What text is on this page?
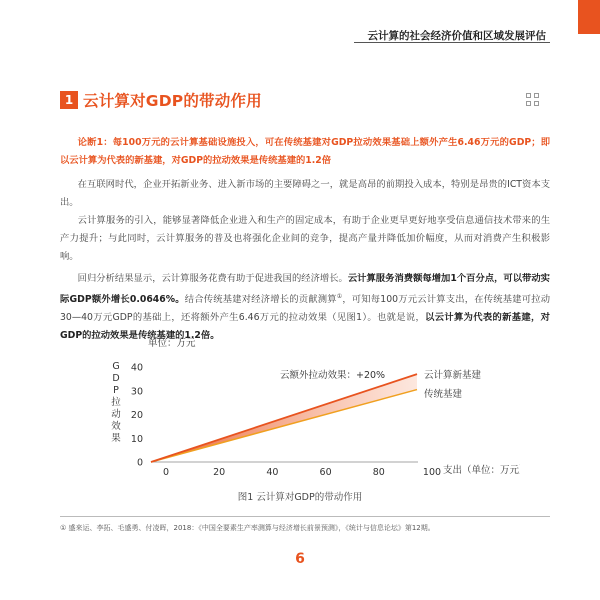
云计算的社会经济价值和区域发展评估
1 云计算对GDP的带动作用

论断1：每100万元的云计算基础设施投入，可在传统基建对GDP拉动效果基础上额外产生6.46万元的GDP；即以云计算为代表的新基建，对GDP的拉动效果是传统基建的1.2倍

在互联网时代，企业开拓新业务、进入新市场的主要障碍之一，就是高昂的前期投入成本，特别是昂贵的ICT资本支出。

云计算服务的引入，能够显著降低企业进入和生产的固定成本，有助于企业更早更好地享受信息通信技术带来的生产力提升；与此同时，云计算服务的普及也将强化企业间的竞争，提高产量并降低加价幅度，从而对消费产生积极影响。

回归分析结果显示，云计算服务花费有助于促进我国的经济增长。云计算服务消费额每增加1个百分点，可以带动实际GDP额外增长0.0646%。结合传统基建对经济增长的贡献测算①，可知每100万元云计算支出，在传统基建可拉动30—40万元GDP的基础上，还将额外产生6.46万元的拉动效果（见图1）。也就是说，以云计算为代表的新基建，对GDP的拉动效果是传统基建的1.2倍。

单位：万元
G
D
P
拉
动
效
果
0	20	40	60	80	100
0
10
20
30
40
云计算新基建
传统基建
云额外拉动效果：+20%
支出（单位：万元）
图1 云计算对GDP的带动作用
① 盛来运、李拓、毛盛勇、付凌晖，2018：《中国全要素生产率测算与经济增长前景预测》，《统计与信息论坛》第12期。
6
